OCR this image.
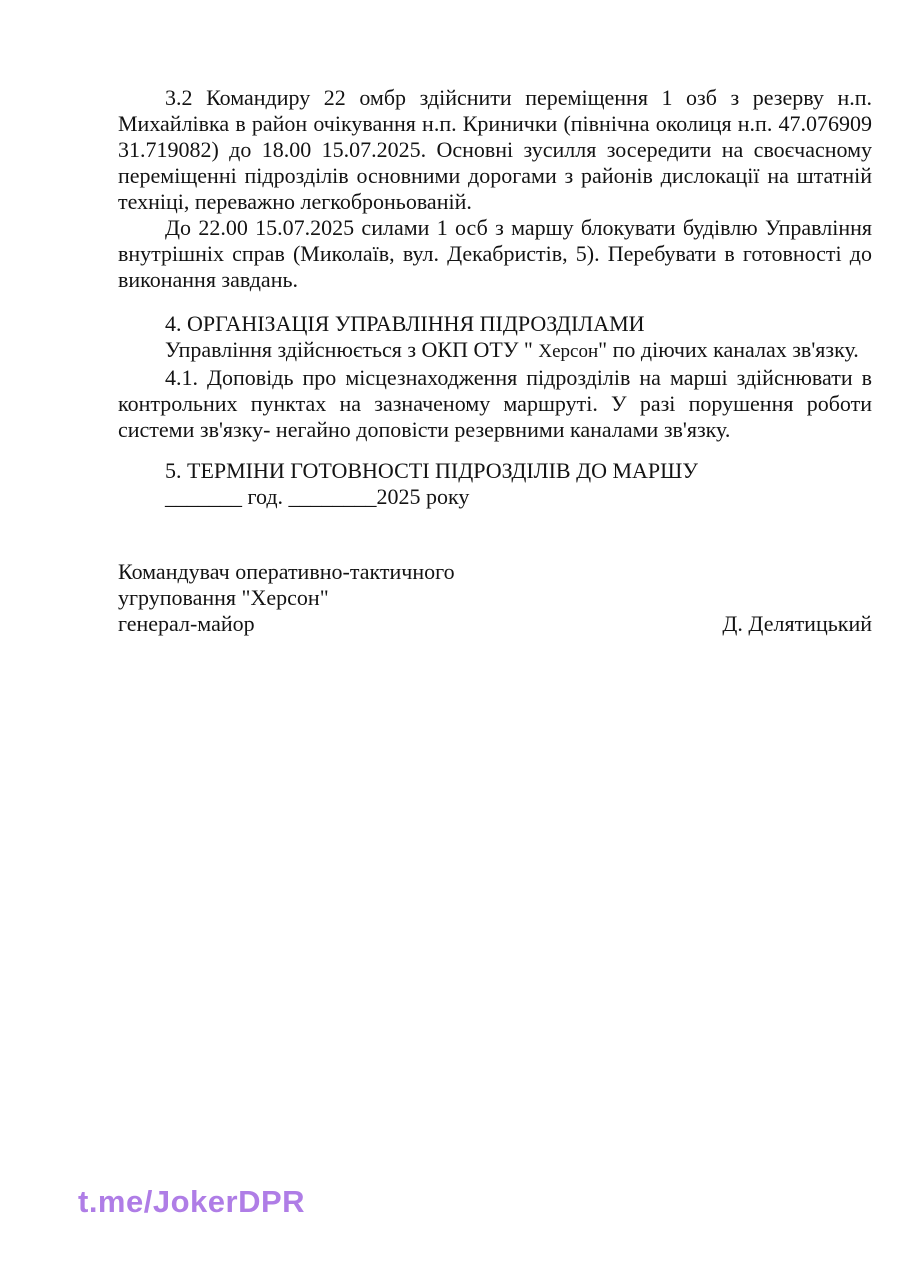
3.2 Командиру 22 омбр здійснити переміщення 1 озб з резерву н.п. Михайлівка в район очікування н.п. Кринички (північна околиця н.п. 47.076909 31.719082) до 18.00 15.07.2025. Основні зусилля зосередити на своєчасному переміщенні підрозділів основними дорогами з районів дислокації на штатній техніці, переважно легкоброньованій.

До 22.00 15.07.2025 силами 1 осб з маршу блокувати будівлю Управління внутрішніх справ (Миколаїв, вул. Декабристів, 5). Перебувати в готовності до виконання завдань.

4. ОРГАНІЗАЦІЯ УПРАВЛІННЯ ПІДРОЗДІЛАМИ

Управління здійснюється з ОКП ОТУ " Херсон" по діючих каналах зв'язку.

4.1. Доповідь про місцезнаходження підрозділів на марші здійснювати в контрольних пунктах на зазначеному маршруті. У разі порушення роботи системи зв'язку- негайно доповісти резервними каналами зв'язку.

5. ТЕРМІНИ ГОТОВНОСТІ ПІДРОЗДІЛІВ ДО МАРШУ

_______ год. ________2025 року

Командувач оперативно-тактичного

угруповання "Херсон"

генерал-майор	Д. Делятицький
t.me/JokerDPR
